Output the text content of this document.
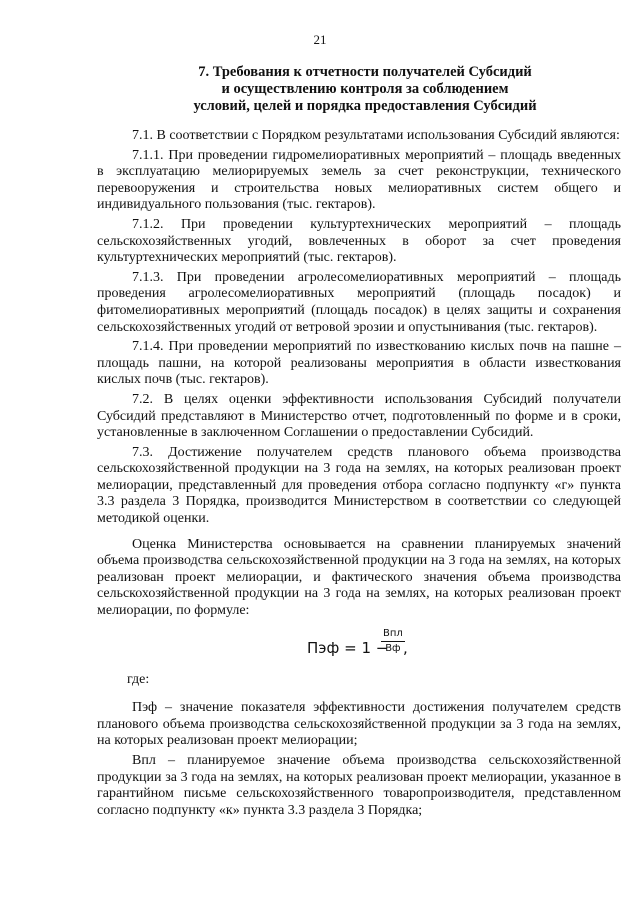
21
7. Требования к отчетности получателей Субсидий
и осуществлению контроля за соблюдением
условий, целей и порядка предоставления Субсидий

7.1. В соответствии с Порядком результатами использования Субсидий являются:

7.1.1. При проведении гидромелиоративных мероприятий – площадь введенных в эксплуатацию мелиорируемых земель за счет реконструкции, технического перевооружения и строительства новых мелиоративных систем общего и индивидуального пользования (тыс. гектаров).

7.1.2. При проведении культуртехнических мероприятий – площадь сельскохозяйственных угодий, вовлеченных в оборот за счет проведения культуртехнических мероприятий (тыс. гектаров).

7.1.3. При проведении агролесомелиоративных мероприятий – площадь проведения агролесомелиоративных мероприятий (площадь посадок) и фитомелиоративных мероприятий (площадь посадок) в целях защиты и сохранения сельскохозяйственных угодий от ветровой эрозии и опустынивания (тыс. гектаров).

7.1.4. При проведении мероприятий по известкованию кислых почв на пашне – площадь пашни, на которой реализованы мероприятия в области известкования кислых почв (тыс. гектаров).

7.2. В целях оценки эффективности использования Субсидий получатели Субсидий представляют в Министерство отчет, подготовленный по форме и в сроки, установленные в заключенном Соглашении о предоставлении Субсидий.

7.3. Достижение получателем средств планового объема производства сельскохозяйственной продукции на 3 года на землях, на которых реализован проект мелиорации, представленный для проведения отбора согласно подпункту «г» пункта 3.3 раздела 3 Порядка, производится Министерством в соответствии со следующей методикой оценки.

Оценка Министерства основывается на сравнении планируемых значений объема производства сельскохозяйственной продукции на 3 года на землях, на которых реализован проект мелиорации, и фактического значения объема производства сельскохозяйственной продукции на 3 года на землях, на которых реализован проект мелиорации, по формуле:

Пэф = 1 −
Впл
Вф ,

где:

Пэф – значение показателя эффективности достижения получателем средств планового объема производства сельскохозяйственной продукции за 3 года на землях, на которых реализован проект мелиорации;

Впл – планируемое значение объема производства сельскохозяйственной продукции за 3 года на землях, на которых реализован проект мелиорации, указанное в гарантийном письме сельскохозяйственного товаропроизводителя, представленном согласно подпункту «к» пункта 3.3 раздела 3 Порядка;
